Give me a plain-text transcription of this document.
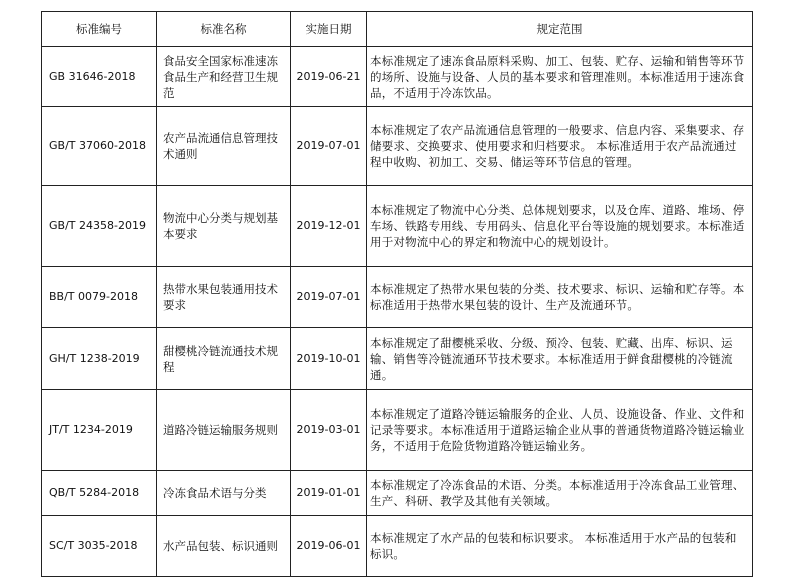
标准编号	标准名称	实施日期	规定范围
GB 31646-2018	食品安全国家标准速冻食品生产和经营卫生规范	2019-06-21	本标准规定了速冻食品原料采购、加工、包装、贮存、运输和销售等环节的场所、设施与设备、人员的基本要求和管理准则。本标准适用于速冻食品，不适用于冷冻饮品。
GB/T 37060-2018	农产品流通信息管理技术通则	2019-07-01	本标准规定了农产品流通信息管理的一般要求、信息内容、采集要求、存储要求、交换要求、使用要求和归档要求。 本标准适用于农产品流通过程中收购、初加工、交易、储运等环节信息的管理。
GB/T 24358-2019	物流中心分类与规划基本要求	2019-12-01	本标准规定了物流中心分类、总体规划要求，以及仓库、道路、堆场、停车场、铁路专用线、专用码头、信息化平台等设施的规划要求。本标准适用于对物流中心的界定和物流中心的规划设计。
BB/T 0079-2018	热带水果包装通用技术要求	2019-07-01	本标准规定了热带水果包装的分类、技术要求、标识、运输和贮存等。本标准适用于热带水果包装的设计、生产及流通环节。
GH/T 1238-2019	甜樱桃冷链流通技术规程	2019-10-01	本标准规定了甜樱桃采收、分级、预冷、包装、贮藏、出库、标识、运输、销售等冷链流通环节技术要求。本标准适用于鲜食甜樱桃的冷链流通。
JT/T 1234-2019	道路冷链运输服务规则	2019-03-01	本标准规定了道路冷链运输服务的企业、人员、设施设备、作业、文件和记录等要求。本标准适用于道路运输企业从事的普通货物道路冷链运输业务，不适用于危险货物道路冷链运输业务。
QB/T 5284-2018	冷冻食品术语与分类	2019-01-01	本标准规定了冷冻食品的术语、分类。本标准适用于冷冻食品工业管理、生产、科研、教学及其他有关领域。
SC/T 3035-2018	水产品包装、标识通则	2019-06-01	本标准规定了水产品的包装和标识要求。 本标准适用于水产品的包装和标识。
